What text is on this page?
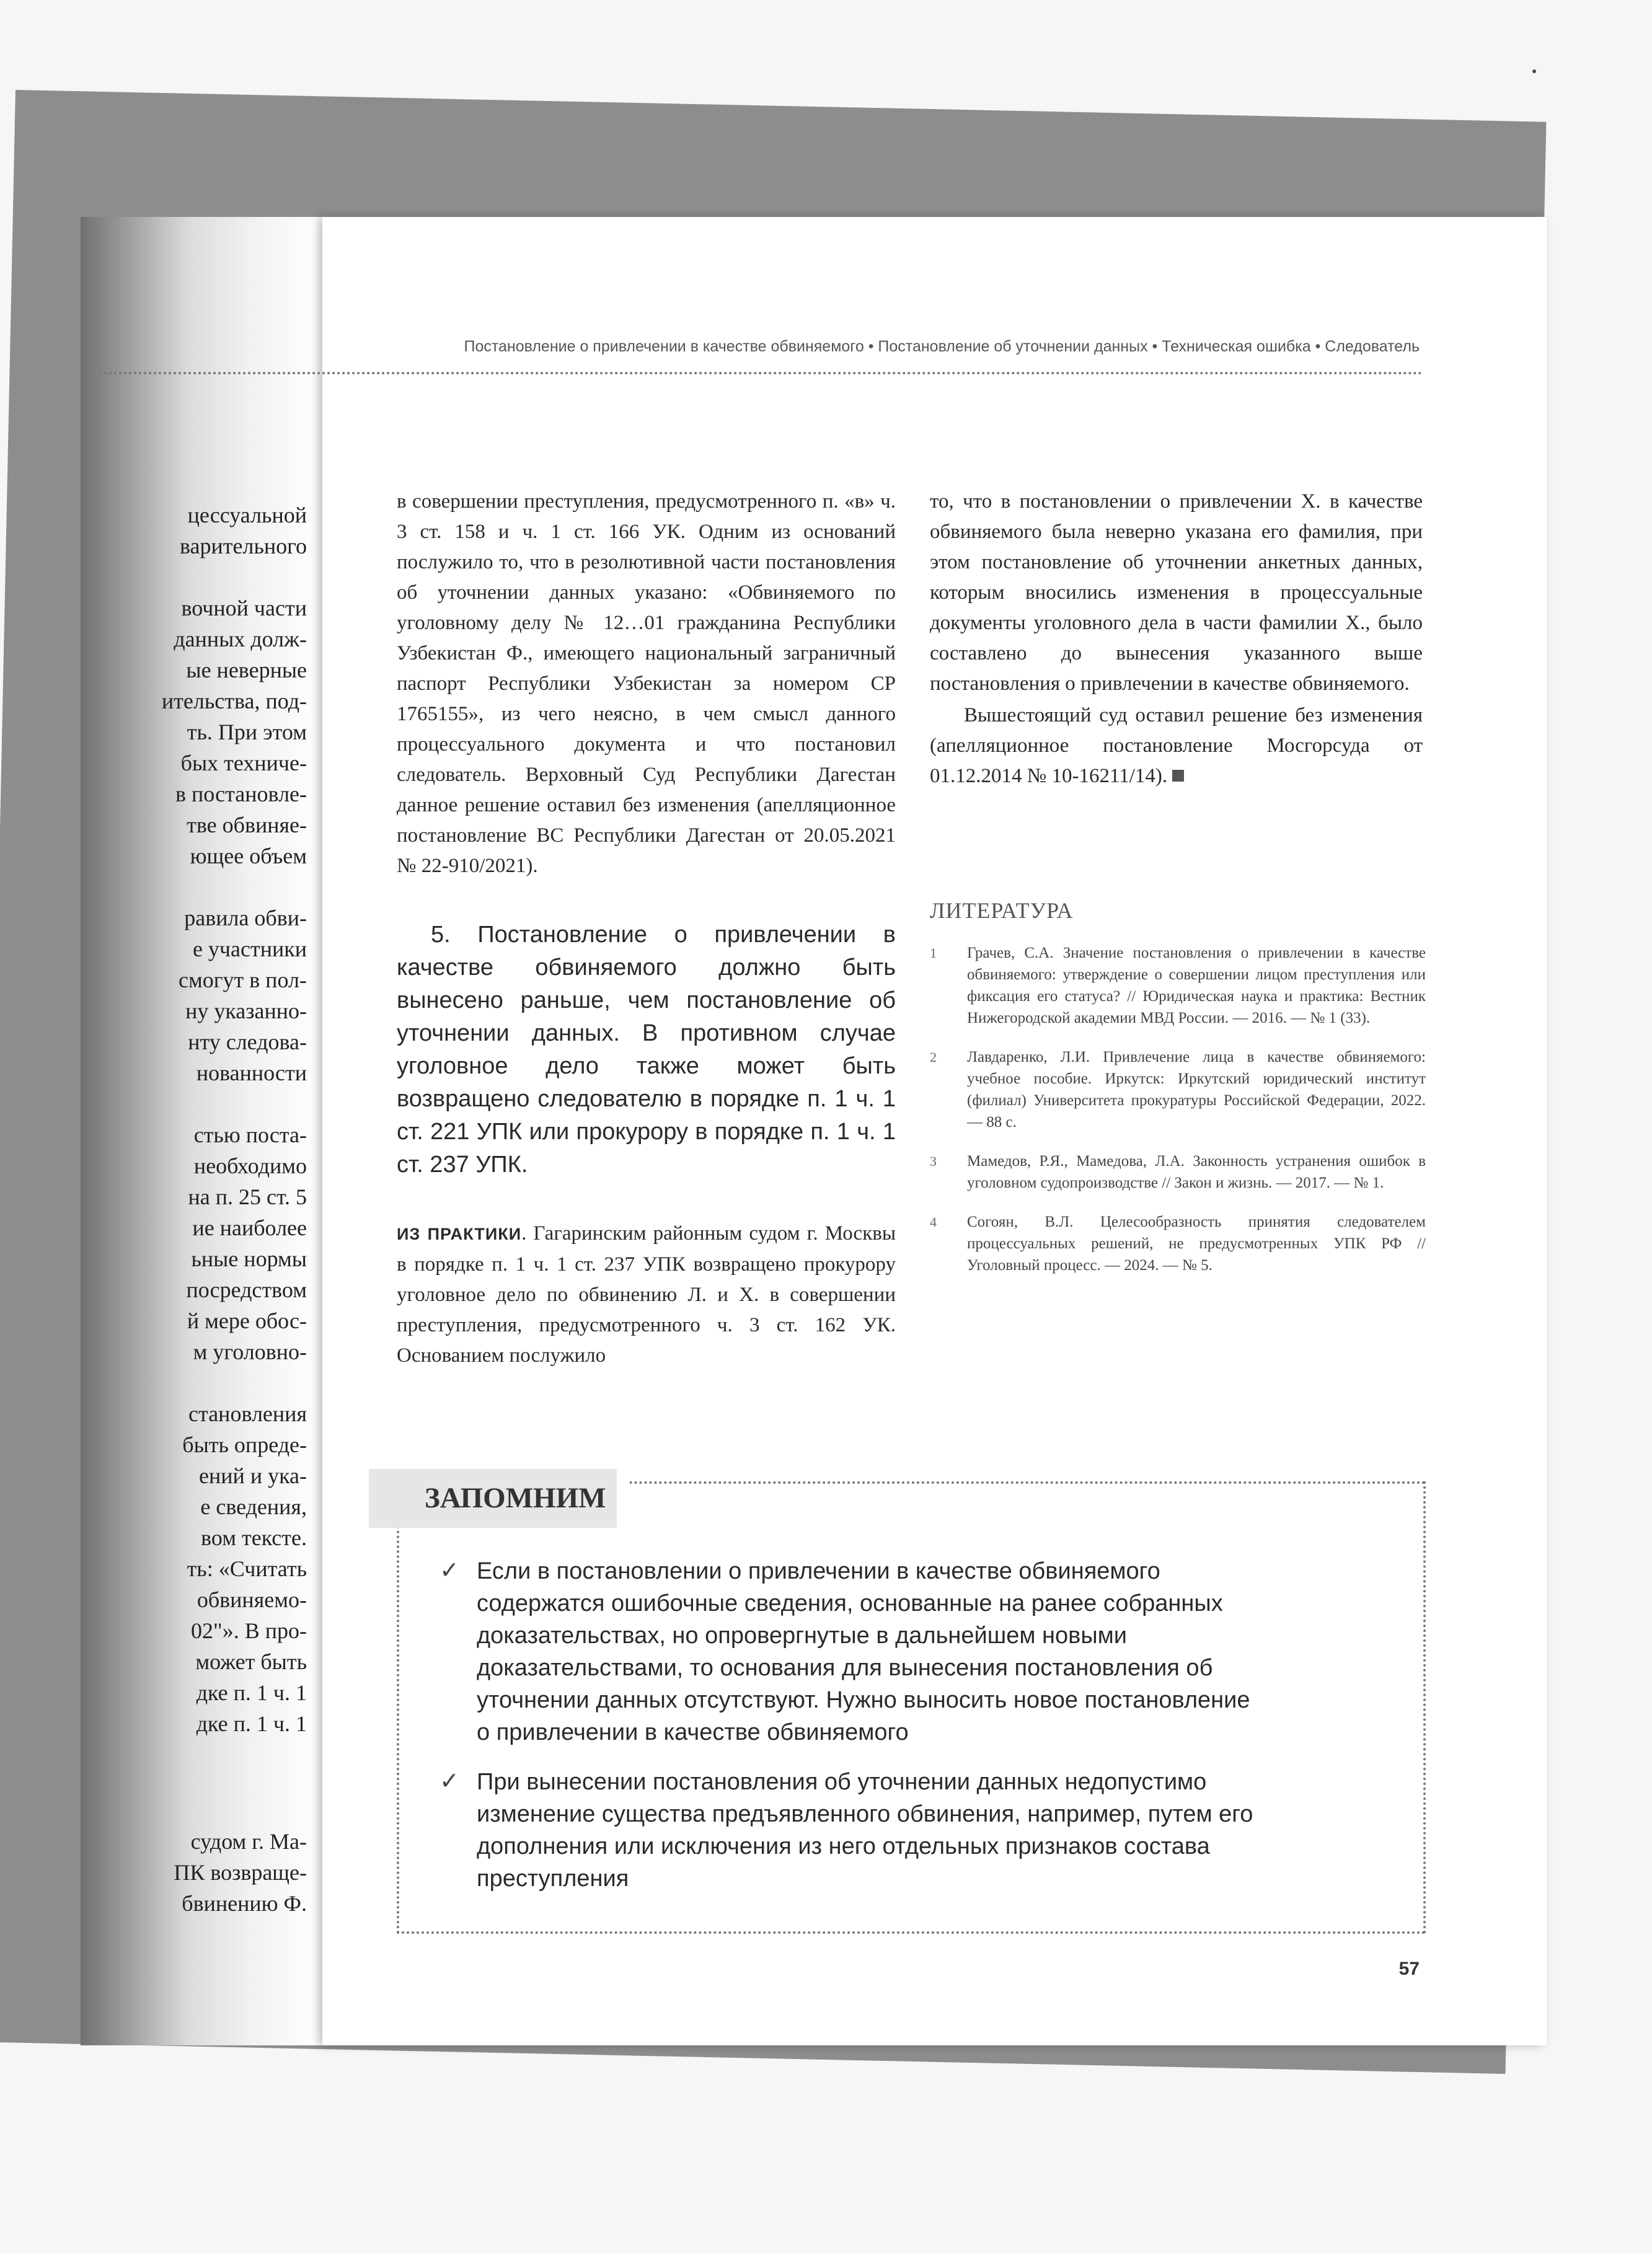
цессуальной
варительного
вочной части
данных долж-
ые неверные
ительства, под-
ть. При этом
бых техниче-
в постановле-
тве обвиняе-
ющее объем
равила обви-
е участники
смогут в пол-
ну указанно-
нту следова-
нованности
стью поста-
необходимо
на п. 25 ст. 5
ие наиболее
ьные нормы
посредством
й мере обос-
м уголовно-
становления
быть опреде-
ений и ука-
е сведения,
вом тексте.
ть: «Считать
обвиняемо-
02"». В про-
может быть
дке п. 1 ч. 1
дке п. 1 ч. 1
судом г. Ма-
ПК возвраще-
бвинению Ф.
Постановление о привлечении в качестве обвиняемого • Постановление об уточнении данных • Техническая ошибка • Следователь

в совершении преступления, предусмотренного п. «в» ч. 3 ст. 158 и ч. 1 ст. 166 УК. Одним из оснований послужило то, что в резолютивной части постановления об уточнении данных указано: «Обвиняемого по уголовному делу № 12…01 гражданина Республики Узбекистан Ф., имеющего национальный заграничный паспорт Республики Узбекистан за номером CP 1765155», из чего неясно, в чем смысл данного процессуального документа и что постановил следователь. Верховный Суд Республики Дагестан данное решение оставил без изменения (апелляционное постановление ВС Республики Дагестан от 20.05.2021 № 22-910/2021).

5. Постановление о привлечении в качестве обвиняемого должно быть вынесено раньше, чем постановление об уточнении данных. В противном случае уголовное дело также может быть возвращено следователю в порядке п. 1 ч. 1 ст. 221 УПК или прокурору в порядке п. 1 ч. 1 ст. 237 УПК.

ИЗ ПРАКТИКИ. Гагаринским районным судом г. Москвы в порядке п. 1 ч. 1 ст. 237 УПК возвращено прокурору уголовное дело по обвинению Л. и Х. в совершении преступления, предусмотренного ч. 3 ст. 162 УК. Основанием послужило

то, что в постановлении о привлечении Х. в качестве обвиняемого была неверно указана его фамилия, при этом постановление об уточнении анкетных данных, которым вносились изменения в процессуальные документы уголовного дела в части фамилии Х., было составлено до вынесения указанного выше постановления о привлечении в качестве обвиняемого.

Вышестоящий суд оставил решение без изменения (апелляционное постановление Мосгорсуда от 01.12.2014 № 10-16211/14).

ЛИТЕРАТУРА
1	Грачев, С.А. Значение постановления о привлечении в качестве обвиняемого: утверждение о совершении лицом преступления или фиксация его статуса? // Юридическая наука и практика: Вестник Нижегородской академии МВД России. — 2016. — № 1 (33).
2	Лавдаренко, Л.И. Привлечение лица в качестве обвиняемого: учебное пособие. Иркутск: Иркутский юридический институт (филиал) Университета прокуратуры Российской Федерации, 2022. — 88 с.
3	Мамедов, Р.Я., Мамедова, Л.А. Законность устранения ошибок в уголовном судопроизводстве // Закон и жизнь. — 2017. — № 1.
4	Согоян, В.Л. Целесообразность принятия следователем процессуальных решений, не предусмотренных УПК РФ // Уголовный процесс. — 2024. — № 5.
✓ Если в постановлении о привлечении в качестве обвиняемого содержатся ошибочные сведения, основанные на ранее собранных доказательствах, но опровергнутые в дальнейшем новыми доказательствами, то основания для вынесения постановления об уточнении данных отсутствуют. Нужно выносить новое постановление о привлечении в качестве обвиняемого
✓ При вынесении постановления об уточнении данных недопустимо изменение существа предъявленного обвинения, например, путем его дополнения или исключения из него отдельных признаков состава преступления
ЗАПОМНИМ
57
